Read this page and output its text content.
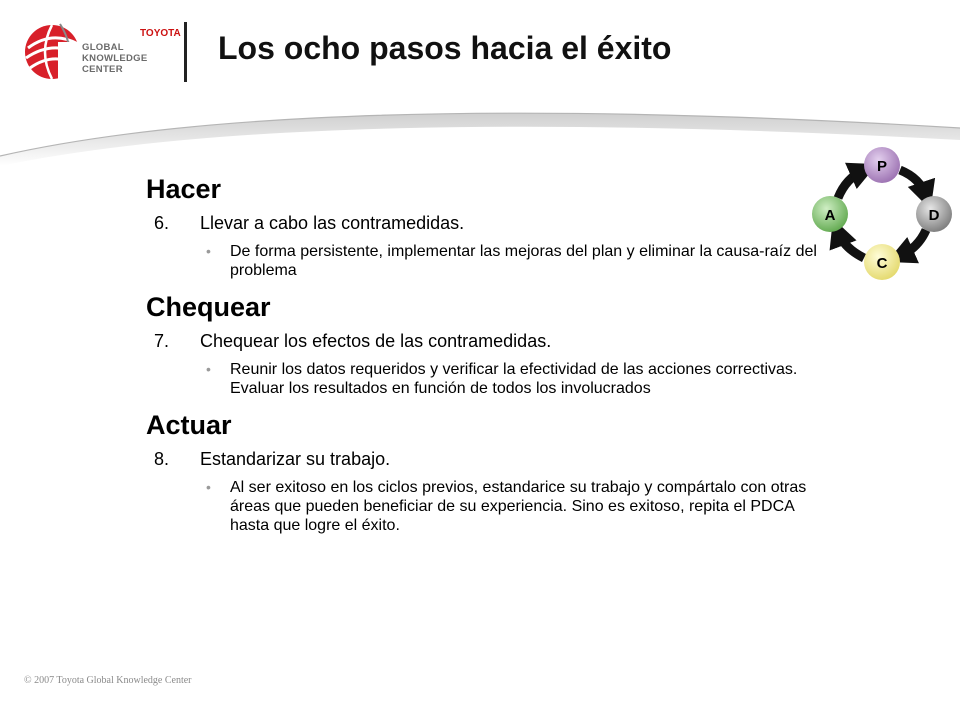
TOYOTA
GLOBAL
KNOWLEDGE
CENTER
Los ocho pasos hacia el éxito
Hacer
6. Llevar a cabo las contramedidas.
• De forma persistente, implementar las mejoras del plan y eliminar la causa-raíz del problema
Chequear
7. Chequear los efectos de las contramedidas.
• Reunir los datos requeridos y verificar la efectividad de las acciones correctivas. Evaluar los resultados en función de todos los involucrados
Actuar
8. Estandarizar su trabajo.
• Al ser exitoso en los ciclos previos, estandarice su trabajo y compártalo con otras áreas que pueden beneficiar de su experiencia. Sino es exitoso, repita el PDCA hasta que logre el éxito.
P
D
C
A
© 2007 Toyota Global Knowledge Center
